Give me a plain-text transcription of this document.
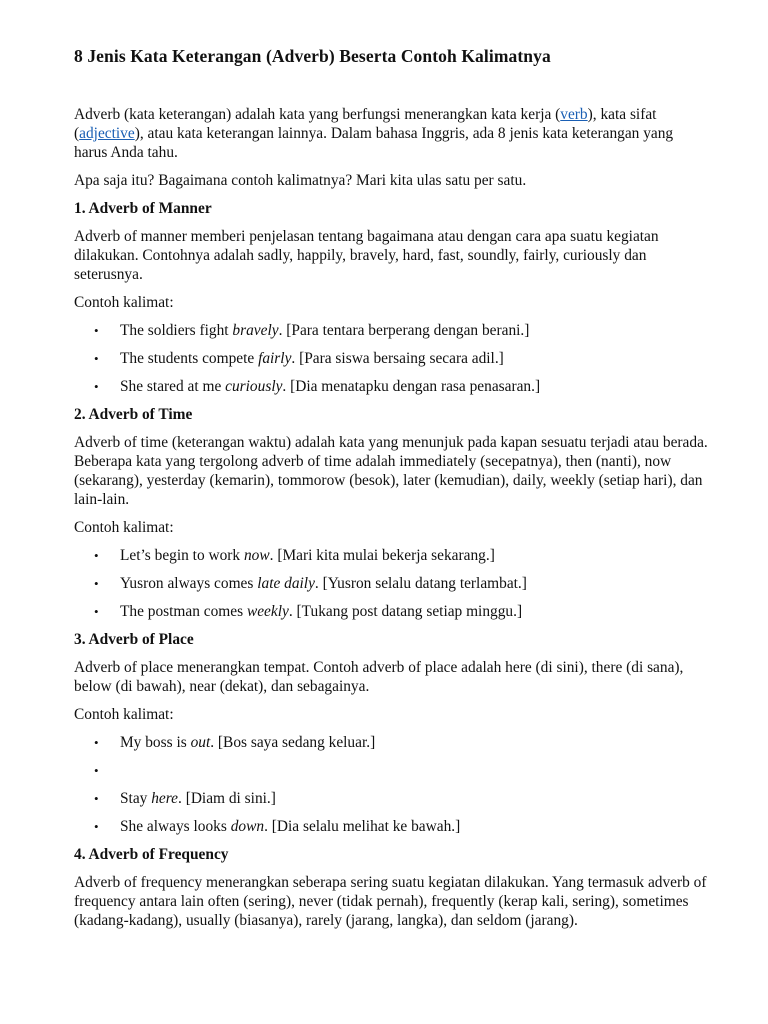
8 Jenis Kata Keterangan (Adverb) Beserta Contoh Kalimatnya

Adverb (kata keterangan) adalah kata yang berfungsi menerangkan kata kerja (verb), kata sifat (adjective), atau kata keterangan lainnya. Dalam bahasa Inggris, ada 8 jenis kata keterangan yang harus Anda tahu.

Apa saja itu? Bagaimana contoh kalimatnya? Mari kita ulas satu per satu.

1. Adverb of Manner

Adverb of manner memberi penjelasan tentang bagaimana atau dengan cara apa suatu kegiatan dilakukan. Contohnya adalah sadly, happily, bravely, hard, fast, soundly, fairly, curiously dan seterusnya.

Contoh kalimat:

• The soldiers fight bravely. [Para tentara berperang dengan berani.]
• The students compete fairly. [Para siswa bersaing secara adil.]
• She stared at me curiously. [Dia menatapku dengan rasa penasaran.]
2. Adverb of Time

Adverb of time (keterangan waktu) adalah kata yang menunjuk pada kapan sesuatu terjadi atau berada. Beberapa kata yang tergolong adverb of time adalah immediately (secepatnya), then (nanti), now (sekarang), yesterday (kemarin), tommorow (besok), later (kemudian), daily, weekly (setiap hari), dan lain-lain.

Contoh kalimat:

• Let’s begin to work now. [Mari kita mulai bekerja sekarang.]
• Yusron always comes late daily. [Yusron selalu datang terlambat.]
• The postman comes weekly. [Tukang post datang setiap minggu.]
3. Adverb of Place

Adverb of place menerangkan tempat. Contoh adverb of place adalah here (di sini), there (di sana), below (di bawah), near (dekat), dan sebagainya.

Contoh kalimat:

• My boss is out. [Bos saya sedang keluar.]
•
• Stay here. [Diam di sini.]
• She always looks down. [Dia selalu melihat ke bawah.]
4. Adverb of Frequency

Adverb of frequency menerangkan seberapa sering suatu kegiatan dilakukan. Yang termasuk adverb of frequency antara lain often (sering), never (tidak pernah), frequently (kerap kali, sering), sometimes (kadang-kadang), usually (biasanya), rarely (jarang, langka), dan seldom (jarang).
